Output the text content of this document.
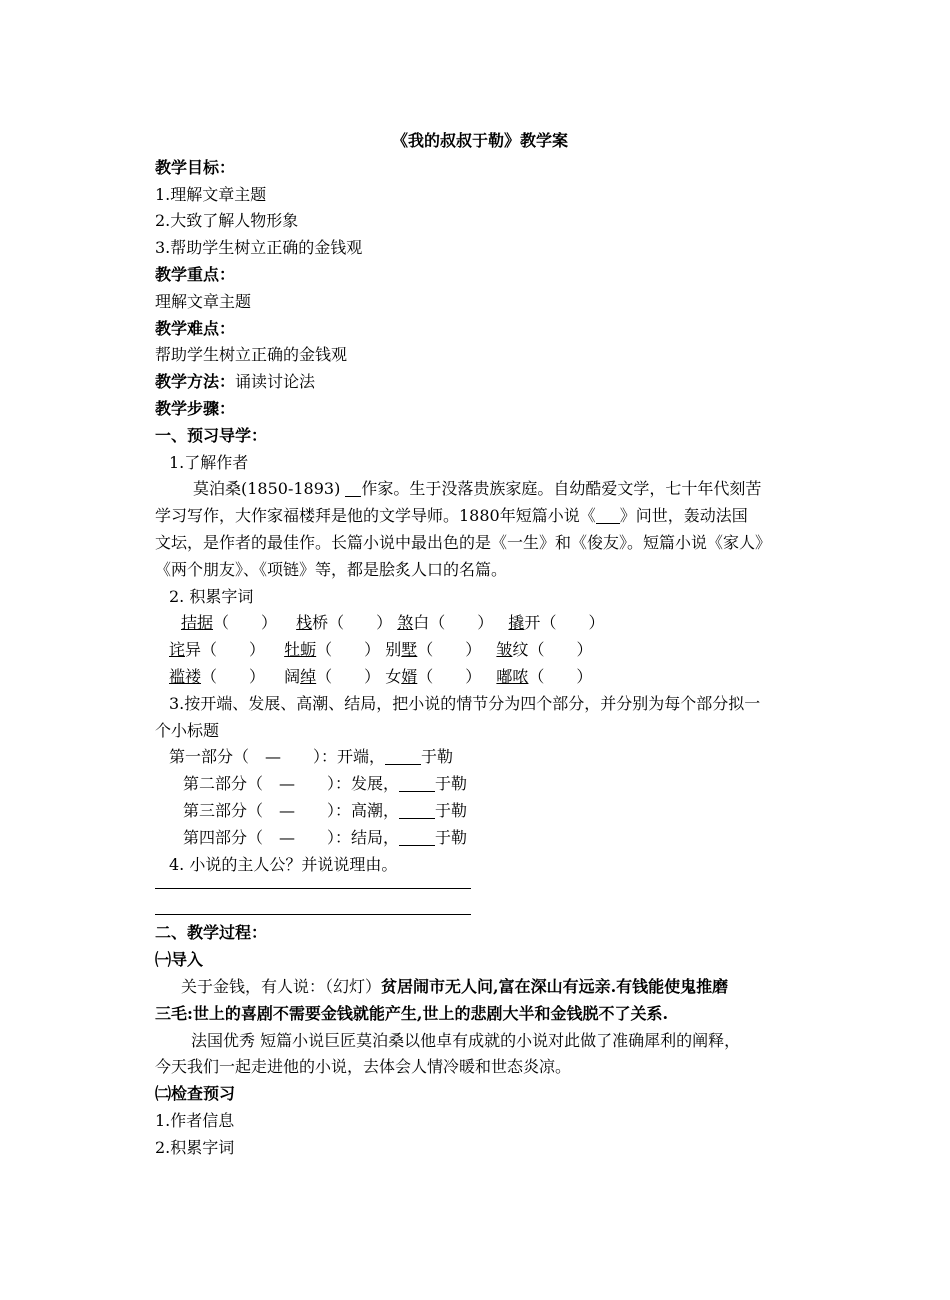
《我的叔叔于勒》教学案
教学目标：
1.理解文章主题
2.大致了解人物形象
3.帮助学生树立正确的金钱观
教学重点：
理解文章主题
教学难点：
帮助学生树立正确的金钱观
教学方法：诵读讨论法
教学步骤：
一、预习导学：
1.了解作者
莫泊桑(1850-1893) 作家。生于没落贵族家庭。自幼酷爱文学，七十年代刻苦
学习写作，大作家福楼拜是他的文学导师。1880年短篇小说《 》问世，轰动法国
文坛，是作者的最佳作。长篇小说中最出色的是《一生》和《俊友》。短篇小说《家人》
《两个朋友》、《项链》等，都是脍炙人口的名篇。
2. 积累字词
拮据（　　） 栈桥（　　） 煞白（　　） 撬开（　　）
诧异（　　） 牡蛎（　　） 别墅（　　） 皱纹（　　）
褴褛（　　） 阔绰（　　） 女婿（　　） 嘟哝（　　）
3.按开端、发展、高潮、结局，把小说的情节分为四个部分，并分别为每个部分拟一
个小标题
第一部分（　—　　）：开端， 于勒
第二部分（　—　　）：发展， 于勒
第三部分（　—　　）：高潮， 于勒
第四部分（　—　　）：结局， 于勒
4. 小说的主人公？并说说理由。
二、教学过程：
㈠导入
关于金钱，有人说：（幻灯）贫居闹市无人问,富在深山有远亲.有钱能使鬼推磨
三毛:世上的喜剧不需要金钱就能产生,世上的悲剧大半和金钱脱不了关系.
法国优秀 短篇小说巨匠莫泊桑以他卓有成就的小说对此做了准确犀利的阐释，
今天我们一起走进他的小说，去体会人情冷暖和世态炎凉。
㈡检查预习
1.作者信息
2.积累字词
